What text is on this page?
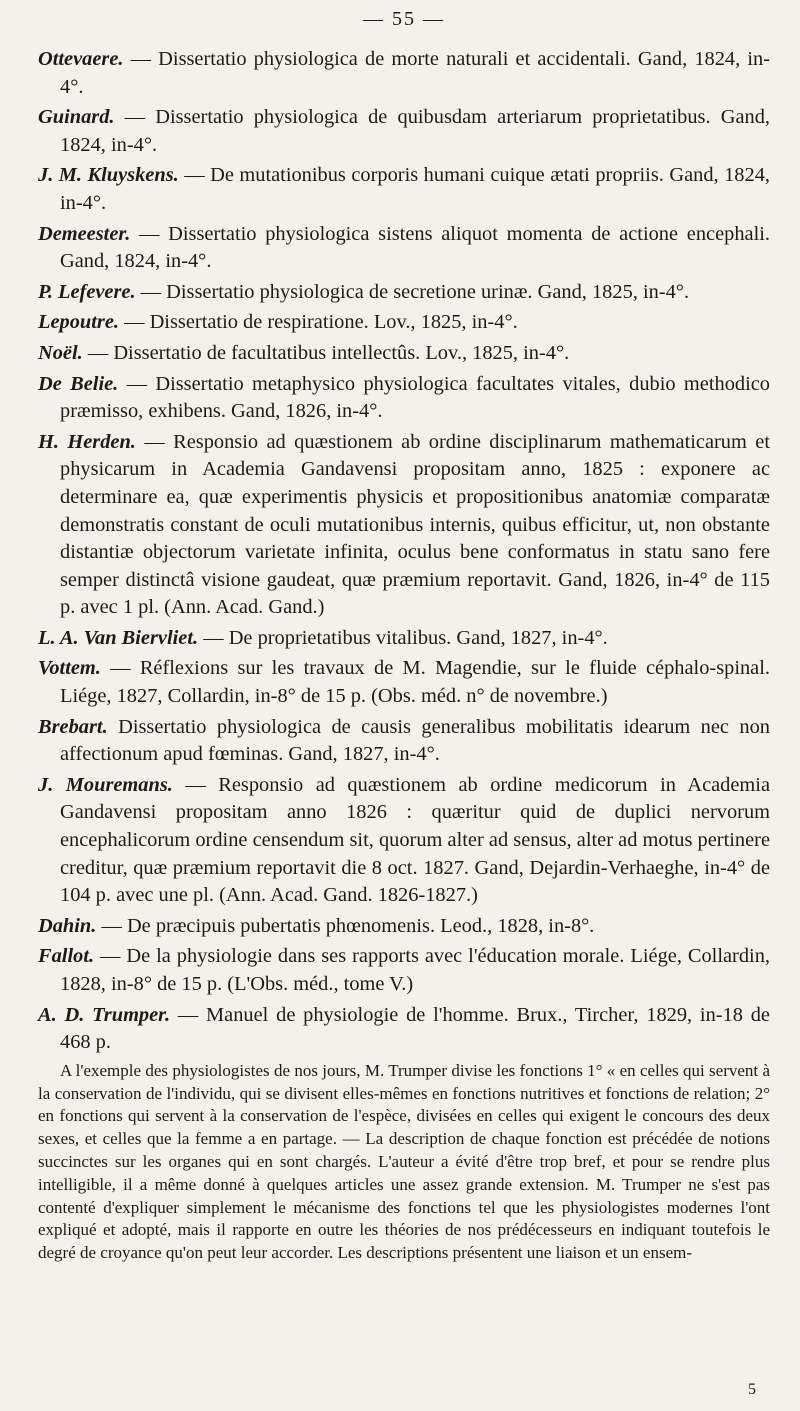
— 55 —

Ottevaere. — Dissertatio physiologica de morte naturali et accidentali. Gand, 1824, in-4°.

Guinard. — Dissertatio physiologica de quibusdam arteriarum proprietatibus. Gand, 1824, in-4°.

J. M. Kluyskens. — De mutationibus corporis humani cuique ætati propriis. Gand, 1824, in-4°.

Demeester. — Dissertatio physiologica sistens aliquot momenta de actione encephali. Gand, 1824, in-4°.

P. Lefevere. — Dissertatio physiologica de secretione urinæ. Gand, 1825, in-4°.

Lepoutre. — Dissertatio de respiratione. Lov., 1825, in-4°.

Noël. — Dissertatio de facultatibus intellectûs. Lov., 1825, in-4°.

De Belie. — Dissertatio metaphysico physiologica facultates vitales, dubio methodico præmisso, exhibens. Gand, 1826, in-4°.

H. Herden. — Responsio ad quæstionem ab ordine disciplinarum mathematicarum et physicarum in Academia Gandavensi propositam anno, 1825 : exponere ac determinare ea, quæ experimentis physicis et propositionibus anatomiæ comparatæ demonstratis constant de oculi mutationibus internis, quibus efficitur, ut, non obstante distantiæ objectorum varietate infinita, oculus bene conformatus in statu sano fere semper distinctâ visione gaudeat, quæ præmium reportavit. Gand, 1826, in-4° de 115 p. avec 1 pl. (Ann. Acad. Gand.)

L. A. Van Biervliet. — De proprietatibus vitalibus. Gand, 1827, in-4°.

Vottem. — Réflexions sur les travaux de M. Magendie, sur le fluide céphalo-spinal. Liége, 1827, Collardin, in-8° de 15 p. (Obs. méd. n° de novembre.)

Brebart. Dissertatio physiologica de causis generalibus mobilitatis idearum nec non affectionum apud fœminas. Gand, 1827, in-4°.

J. Mouremans. — Responsio ad quæstionem ab ordine medicorum in Academia Gandavensi propositam anno 1826 : quæritur quid de duplici nervorum encephalicorum ordine censendum sit, quorum alter ad sensus, alter ad motus pertinere creditur, quæ præmium reportavit die 8 oct. 1827. Gand, Dejardin-Verhaeghe, in-4° de 104 p. avec une pl. (Ann. Acad. Gand. 1826-1827.)

Dahin. — De præcipuis pubertatis phœnomenis. Leod., 1828, in-8°.

Fallot. — De la physiologie dans ses rapports avec l'éducation morale. Liége, Collardin, 1828, in-8° de 15 p. (L'Obs. méd., tome V.)

A. D. Trumper. — Manuel de physiologie de l'homme. Brux., Tircher, 1829, in-18 de 468 p.

A l'exemple des physiologistes de nos jours, M. Trumper divise les fonctions 1° « en celles qui servent à la conservation de l'individu, qui se divisent elles-mêmes en fonctions nutritives et fonctions de relation; 2° en fonctions qui servent à la conservation de l'espèce, divisées en celles qui exigent le concours des deux sexes, et celles que la femme a en partage. — La description de chaque fonction est précédée de notions succinctes sur les organes qui en sont chargés. L'auteur a évité d'être trop bref, et pour se rendre plus intelligible, il a même donné à quelques articles une assez grande extension. M. Trumper ne s'est pas contenté d'expliquer simplement le mécanisme des fonctions tel que les physiologistes modernes l'ont expliqué et adopté, mais il rapporte en outre les théories de nos prédécesseurs en indiquant toutefois le degré de croyance qu'on peut leur accorder. Les descriptions présentent une liaison et un ensem-

5
